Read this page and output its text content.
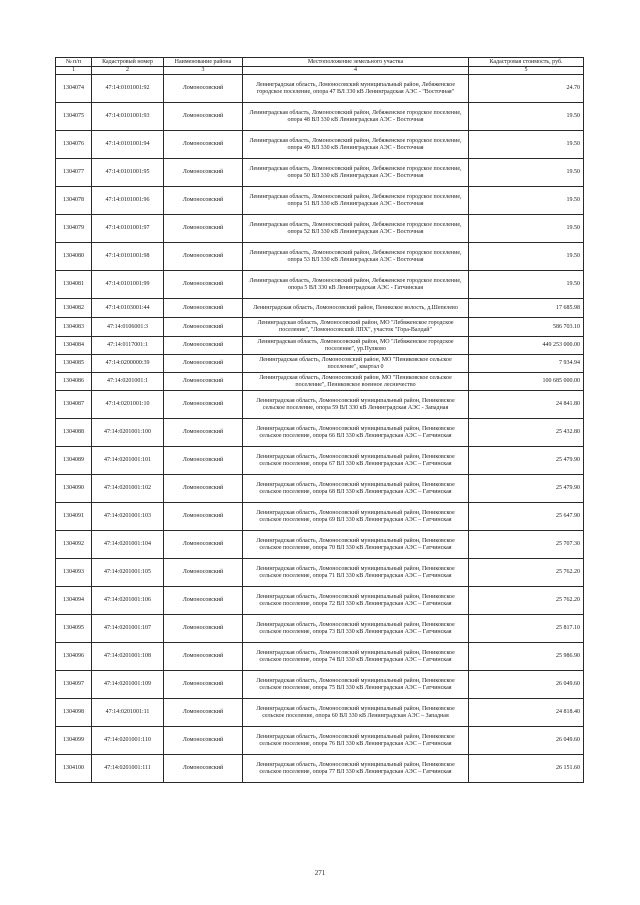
№ п/п	Кадастровый номер	Наименование района	Местоположение земельного участка	Кадастровая стоимость, руб.
1	2	3	4	5
1304074	47:14:0101001:92	Ломоносовский	Ленинградская область, Ломоносовский муниципальный район, Лебяженское городское поселение, опора 47 ВЛ 330 кВ Ленинградская АЭС - "Восточная"	24.70
1304075	47:14:0101001:93	Ломоносовский	Ленинградская область, Ломоносовский район, Лебяженское городское поселение, опора 48 ВЛ 330 кВ Ленинградская АЭС - Восточная	19.50
1304076	47:14:0101001:94	Ломоносовский	Ленинградская область, Ломоносовский район, Лебяженское городское поселение, опора 49 ВЛ 330 кВ Ленинградская АЭС - Восточная	19.50
1304077	47:14:0101001:95	Ломоносовский	Ленинградская область, Ломоносовский район, Лебяженское городское поселение, опора 50 ВЛ 330 кВ Ленинградская АЭС - Восточная	19.50
1304078	47:14:0101001:96	Ломоносовский	Ленинградская область, Ломоносовский район, Лебяженское городское поселение, опора 51 ВЛ 330 кВ Ленинградская АЭС - Восточная	19.50
1304079	47:14:0101001:97	Ломоносовский	Ленинградская область, Ломоносовский район, Лебяженское городское поселение, опора 52 ВЛ 330 кВ Ленинградская АЭС - Восточная	19.50
1304080	47:14:0101001:98	Ломоносовский	Ленинградская область, Ломоносовский район, Лебяженское городское поселение, опора 53 ВЛ 330 кВ Ленинградская АЭС - Восточная	19.50
1304081	47:14:0101001:99	Ломоносовский	Ленинградская область, Ломоносовский район, Лебяженское городское поселение, опора 5 ВЛ 330 кВ Ленинградская АЭС - Гатчинская	19.50
1304082	47:14:0103001:44	Ломоносовский	Ленинградская область, Ломоносовский район, Пеникское волость, д.Шепелево	17 685.98
1304083	47:14:0106001:3	Ломоносовский	Ленинградская область, Ломоносовский район, МО "Лебяженское городское поселение", "Ломоносовский ЛПХ", участок "Гора-Валдай"	586 703.10
1304084	47:14:0117001:1	Ломоносовский	Ленинградская область, Ломоносовский район, МО "Лебяженское городское поселение", ур.Пулково	449 253 000.00
1304085	47:14:0200000:39	Ломоносовский	Ленинградская область, Ломоносовский район, МО "Пениковское сельское поселение", квартал 0	7 934.94
1304086	47:14:0201001:1	Ломоносовский	Ленинградская область, Ломоносовский район, МО "Пениковское сельское поселение", Пениковское военное лесничество	100 685 000.00
1304087	47:14:0201001:10	Ломоносовский	Ленинградская область, Ломоносовский муниципальный район, Пениковское сельское поселение, опора 59 ВЛ 330 кВ Ленинградская АЭС - Западная	24 841.80
1304088	47:14:0201001:100	Ломоносовский	Ленинградская область, Ломоносовский муниципальный район, Пениковское сельское поселение, опора 66 ВЛ 330 кВ Ленинградская АЭС – Гатчинская	25 432.80
1304089	47:14:0201001:101	Ломоносовский	Ленинградская область, Ломоносовский муниципальный район, Пениковское сельское поселение, опора 67 ВЛ 330 кВ Ленинградская АЭС – Гатчинская	25 479.90
1304090	47:14:0201001:102	Ломоносовский	Ленинградская область, Ломоносовский муниципальный район, Пениковское сельское поселение, опора 68 ВЛ 330 кВ Ленинградская АЭС – Гатчинская	25 479.90
1304091	47:14:0201001:103	Ломоносовский	Ленинградская область, Ломоносовский муниципальный район, Пениковское сельское поселение, опора 69 ВЛ 330 кВ Ленинградская АЭС – Гатчинская	25 647.90
1304092	47:14:0201001:104	Ломоносовский	Ленинградская область, Ломоносовский муниципальный район, Пениковское сельское поселение, опора 70 ВЛ 330 кВ Ленинградская АЭС – Гатчинская	25 707.30
1304093	47:14:0201001:105	Ломоносовский	Ленинградская область, Ломоносовский муниципальный район, Пениковское сельское поселение, опора 71 ВЛ 330 кВ Ленинградская АЭС – Гатчинская	25 762.20
1304094	47:14:0201001:106	Ломоносовский	Ленинградская область, Ломоносовский муниципальный район, Пениковское сельское поселение, опора 72 ВЛ 330 кВ Ленинградская АЭС – Гатчинская	25 762.20
1304095	47:14:0201001:107	Ломоносовский	Ленинградская область, Ломоносовский муниципальный район, Пениковское сельское поселение, опора 73 ВЛ 330 кВ Ленинградская АЭС – Гатчинская	25 817.10
1304096	47:14:0201001:108	Ломоносовский	Ленинградская область, Ломоносовский муниципальный район, Пениковское сельское поселение, опора 74 ВЛ 330 кВ Ленинградская АЭС – Гатчинская	25 986.90
1304097	47:14:0201001:109	Ломоносовский	Ленинградская область, Ломоносовский муниципальный район, Пениковское сельское поселение, опора 75 ВЛ 330 кВ Ленинградская АЭС – Гатчинская	26 049.60
1304098	47:14:0201001:11	Ломоносовский	Ленинградская область, Ломоносовский муниципальный район, Пениковское сельское поселение, опора 60 ВЛ 330 кВ Ленинградская АЭС – Западная	24 818.40
1304099	47:14:0201001:110	Ломоносовский	Ленинградская область, Ломоносовский муниципальный район, Пениковское сельское поселение, опора 76 ВЛ 330 кВ Ленинградская АЭС – Гатчинская	26 049.60
1304100	47:14:0201001:111	Ломоносовский	Ленинградская область, Ломоносовский муниципальный район, Пениковское сельское поселение, опора 77 ВЛ 330 кВ Ленинградская АЭС – Гатчинская	26 151.60
271
